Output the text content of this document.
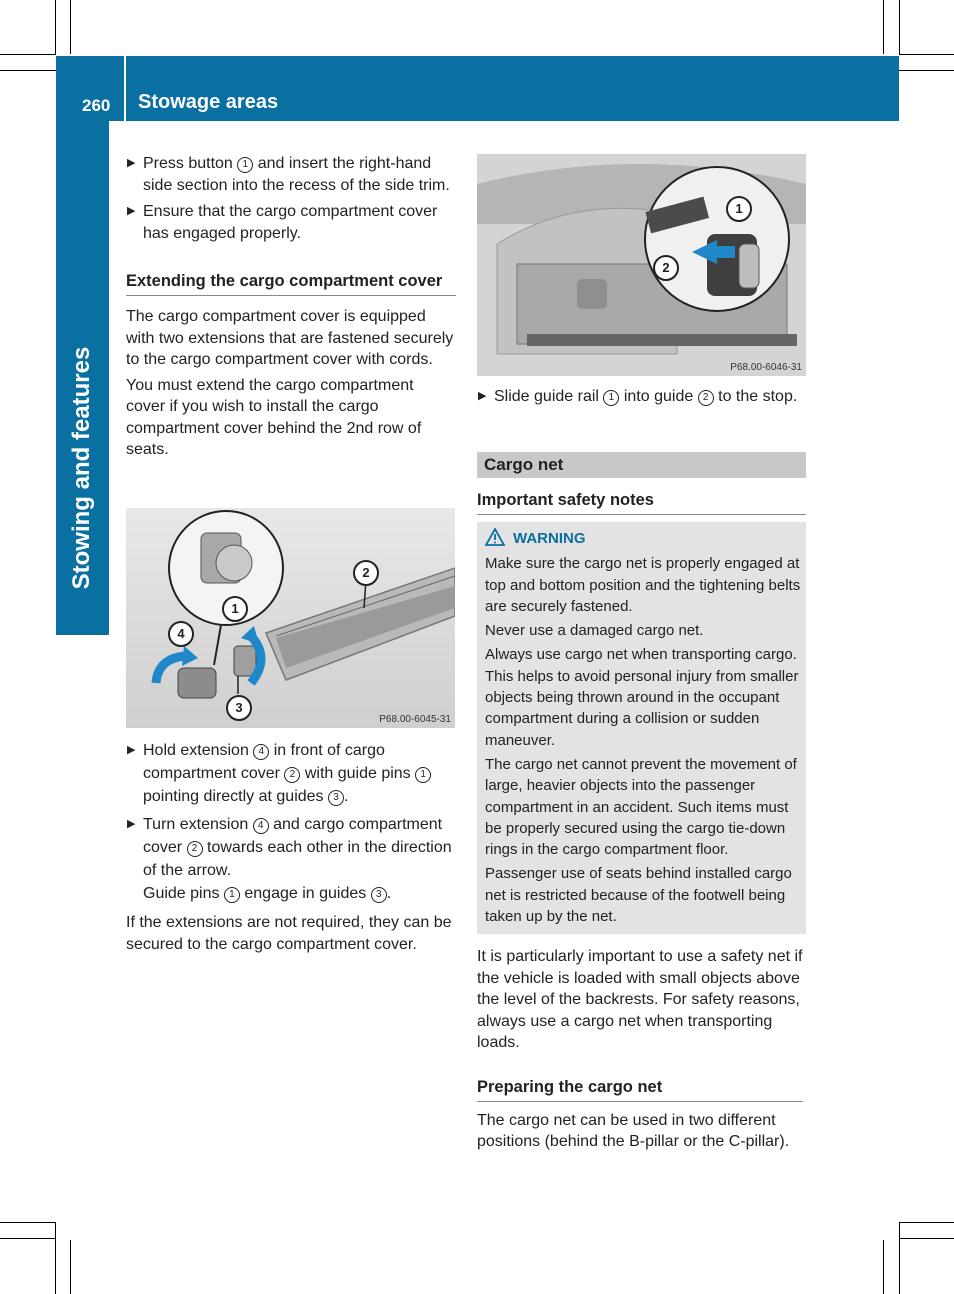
260 Stowage areas
Stowing and features

▶ Press button 1 and insert the right-hand side section into the recess of the side trim.

▶ Ensure that the cargo compartment cover has engaged properly.

Extending the cargo compartment cover

The cargo compartment cover is equipped with two extensions that are fastened securely to the cargo compartment cover with cords.

You must extend the cargo compartment cover if you wish to install the cargo compartment cover behind the 2nd row of seats.

2
1
4
3
P68.00-6045-31

▶ Hold extension 4 in front of cargo compartment cover 2 with guide pins 1 pointing directly at guides 3 .

▶ Turn extension 4 and cargo compartment cover 2 towards each other in the direction of the arrow.
Guide pins 1 engage in guides 3 .

If the extensions are not required, they can be secured to the cargo compartment cover.

1
2
P68.00-6046-31

▶ Slide guide rail 1 into guide 2 to the stop.

Cargo net
Important safety notes
WARNING

Make sure the cargo net is properly engaged at top and bottom position and the tightening belts are securely fastened.

Never use a damaged cargo net.

Always use cargo net when transporting cargo. This helps to avoid personal injury from smaller objects being thrown around in the occupant compartment during a collision or sudden maneuver.

The cargo net cannot prevent the movement of large, heavier objects into the passenger compartment in an accident. Such items must be properly secured using the cargo tie-down rings in the cargo compartment floor.

Passenger use of seats behind installed cargo net is restricted because of the footwell being taken up by the net.

It is particularly important to use a safety net if the vehicle is loaded with small objects above the level of the backrests. For safety reasons, always use a cargo net when transporting loads.

Preparing the cargo net

The cargo net can be used in two different positions (behind the B-pillar or the C-pillar).
